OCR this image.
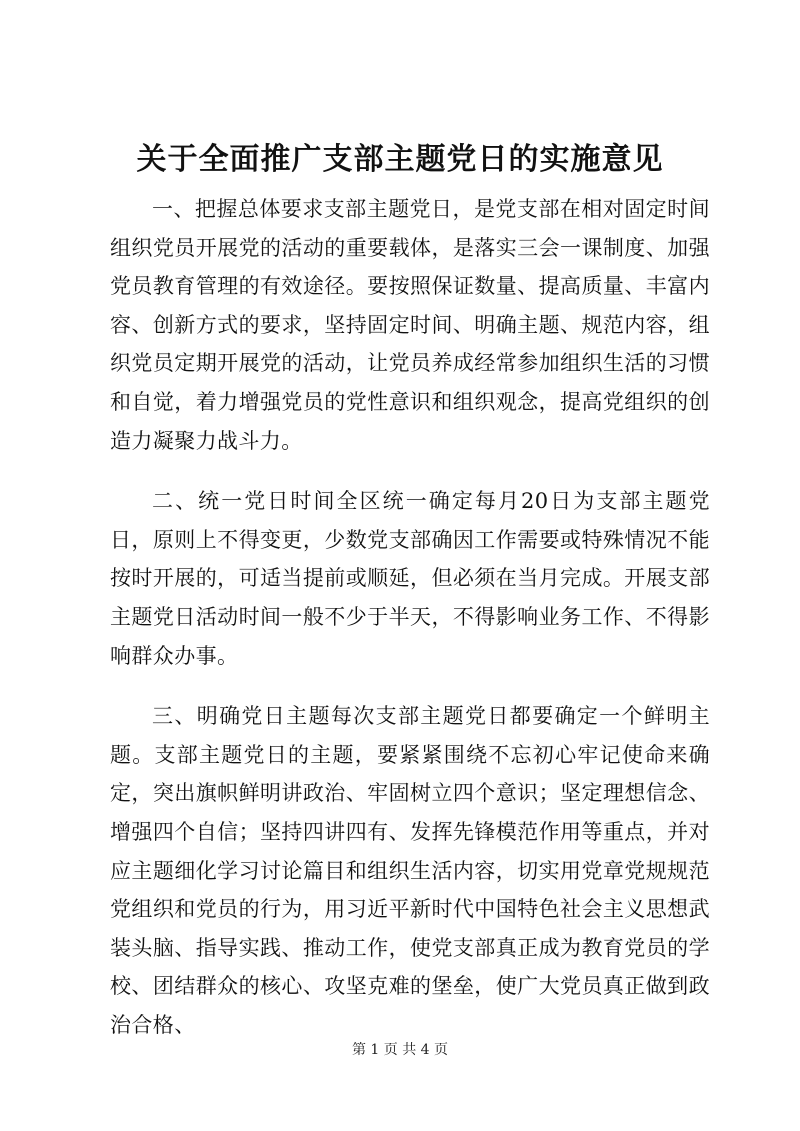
关于全面推广支部主题党日的实施意见

一、把握总体要求支部主题党日，是党支部在相对固定时间组织党员开展党的活动的重要载体，是落实三会一课制度、加强党员教育管理的有效途径。要按照保证数量、提高质量、丰富内容、创新方式的要求，坚持固定时间、明确主题、规范内容，组织党员定期开展党的活动，让党员养成经常参加组织生活的习惯和自觉，着力增强党员的党性意识和组织观念，提高党组织的创造力凝聚力战斗力。

二、统一党日时间全区统一确定每月20日为支部主题党日，原则上不得变更，少数党支部确因工作需要或特殊情况不能按时开展的，可适当提前或顺延，但必须在当月完成。开展支部主题党日活动时间一般不少于半天，不得影响业务工作、不得影响群众办事。

三、明确党日主题每次支部主题党日都要确定一个鲜明主题。支部主题党日的主题，要紧紧围绕不忘初心牢记使命来确定，突出旗帜鲜明讲政治、牢固树立四个意识；坚定理想信念、增强四个自信；坚持四讲四有、发挥先锋模范作用等重点，并对应主题细化学习讨论篇目和组织生活内容，切实用党章党规规范党组织和党员的行为，用习近平新时代中国特色社会主义思想武装头脑、指导实践、推动工作，使党支部真正成为教育党员的学校、团结群众的核心、攻坚克难的堡垒，使广大党员真正做到政治合格、

第 1 页 共 4 页
